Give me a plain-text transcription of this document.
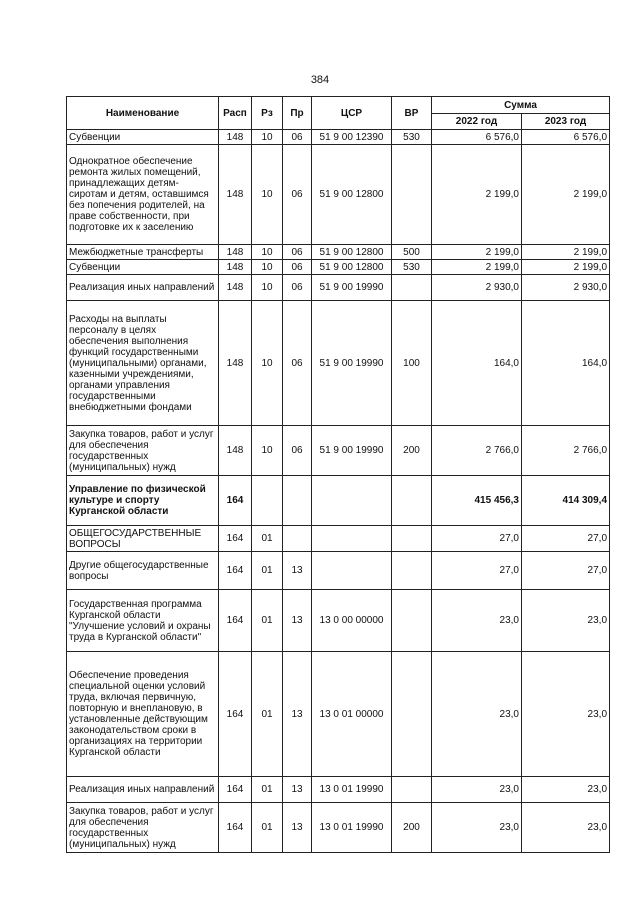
384
Наименование	Расп	Рз	Пр	ЦСР	ВР	Сумма	
						2022 год	2023 год
Субвенции	148	10	06	51 9 00 12390	530	6 576,0	6 576,0
Однократное обеспечение ремонта жилых помещений, принадлежащих детям-сиротам и детям, оставшимся без попечения родителей, на праве собственности, при подготовке их к заселению	148	10	06	51 9 00 12800		2 199,0	2 199,0
Межбюджетные трансферты	148	10	06	51 9 00 12800	500	2 199,0	2 199,0
Субвенции	148	10	06	51 9 00 12800	530	2 199,0	2 199,0
Реализация иных направлений	148	10	06	51 9 00 19990		2 930,0	2 930,0
Расходы на выплаты персоналу в целях обеспечения выполнения функций государственными (муниципальными) органами, казенными учреждениями, органами управления государственными внебюджетными фондами	148	10	06	51 9 00 19990	100	164,0	164,0
Закупка товаров, работ и услуг для обеспечения государственных (муниципальных) нужд	148	10	06	51 9 00 19990	200	2 766,0	2 766,0
Управление по физической культуре и спорту Курганской области	164					415 456,3	414 309,4
ОБЩЕГОСУДАРСТВЕННЫЕ ВОПРОСЫ	164	01				27,0	27,0
Другие общегосударственные вопросы	164	01	13			27,0	27,0
Государственная программа Курганской области "Улучшение условий и охраны труда в Курганской области"	164	01	13	13 0 00 00000		23,0	23,0
Обеспечение проведения специальной оценки условий труда, включая первичную, повторную и внеплановую, в установленные действующим законодательством сроки в организациях на территории Курганской области	164	01	13	13 0 01 00000		23,0	23,0
Реализация иных направлений	164	01	13	13 0 01 19990		23,0	23,0
Закупка товаров, работ и услуг для обеспечения государственных (муниципальных) нужд	164	01	13	13 0 01 19990	200	23,0	23,0
